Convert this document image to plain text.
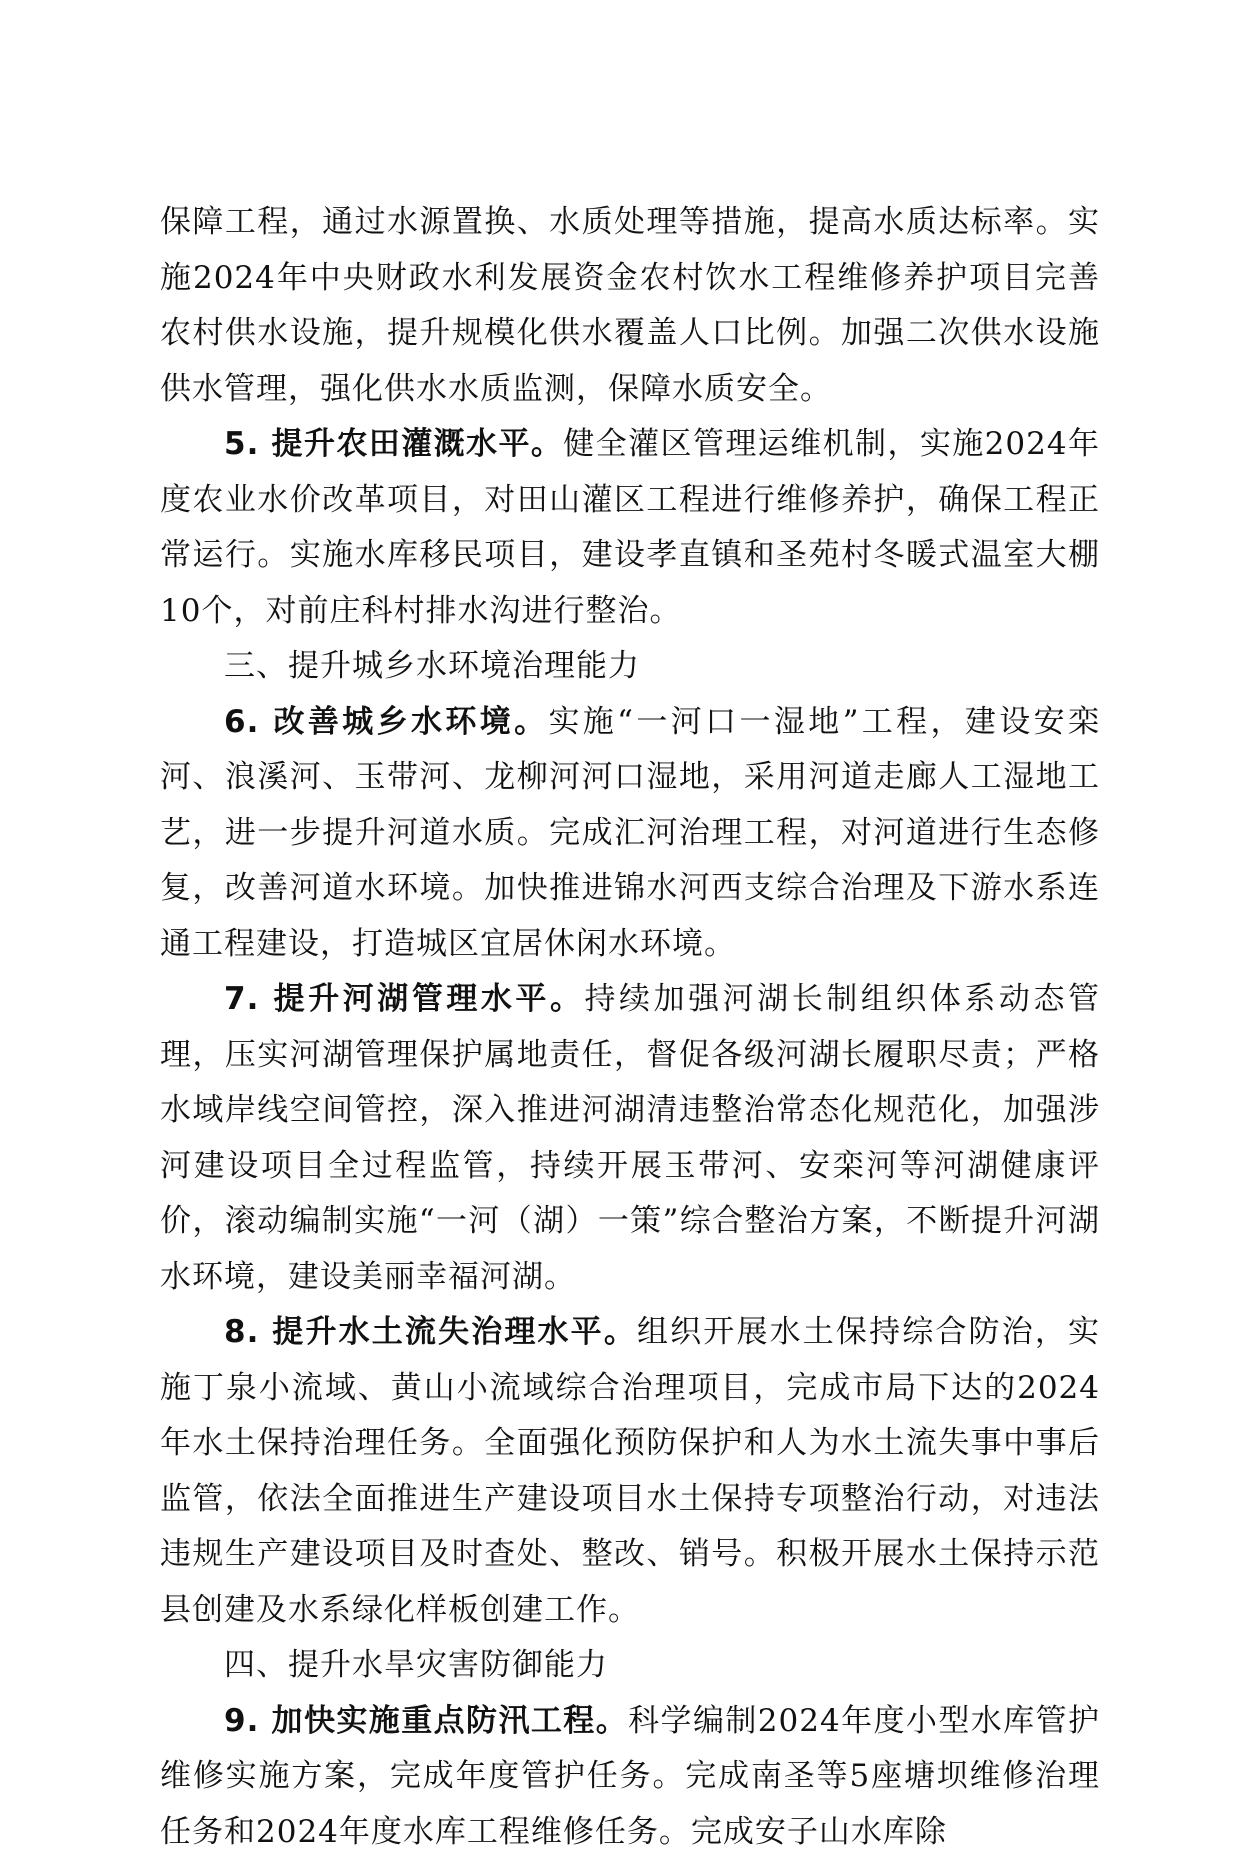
保障工程，通过水源置换、水质处理等措施，提高水质达标率。实施2024年中央财政水利发展资金农村饮水工程维修养护项目完善农村供水设施，提升规模化供水覆盖人口比例。加强二次供水设施供水管理，强化供水水质监测，保障水质安全。

5. 提升农田灌溉水平。健全灌区管理运维机制，实施2024年度农业水价改革项目，对田山灌区工程进行维修养护，确保工程正常运行。实施水库移民项目，建设孝直镇和圣苑村冬暖式温室大棚10个，对前庄科村排水沟进行整治。

三、提升城乡水环境治理能力

6. 改善城乡水环境。实施“一河口一湿地”工程，建设安栾河、浪溪河、玉带河、龙柳河河口湿地，采用河道走廊人工湿地工艺，进一步提升河道水质。完成汇河治理工程，对河道进行生态修复，改善河道水环境。加快推进锦水河西支综合治理及下游水系连通工程建设，打造城区宜居休闲水环境。

7. 提升河湖管理水平。持续加强河湖长制组织体系动态管理，压实河湖管理保护属地责任，督促各级河湖长履职尽责；严格水域岸线空间管控，深入推进河湖清违整治常态化规范化，加强涉河建设项目全过程监管，持续开展玉带河、安栾河等河湖健康评价，滚动编制实施“一河（湖）一策”综合整治方案，不断提升河湖水环境，建设美丽幸福河湖。

8. 提升水土流失治理水平。组织开展水土保持综合防治，实施丁泉小流域、黄山小流域综合治理项目，完成市局下达的2024年水土保持治理任务。全面强化预防保护和人为水土流失事中事后监管，依法全面推进生产建设项目水土保持专项整治行动，对违法违规生产建设项目及时查处、整改、销号。积极开展水土保持示范县创建及水系绿化样板创建工作。

四、提升水旱灾害防御能力

9. 加快实施重点防汛工程。科学编制2024年度小型水库管护维修实施方案，完成年度管护任务。完成南圣等5座塘坝维修治理任务和2024年度水库工程维修任务。完成安子山水库除
